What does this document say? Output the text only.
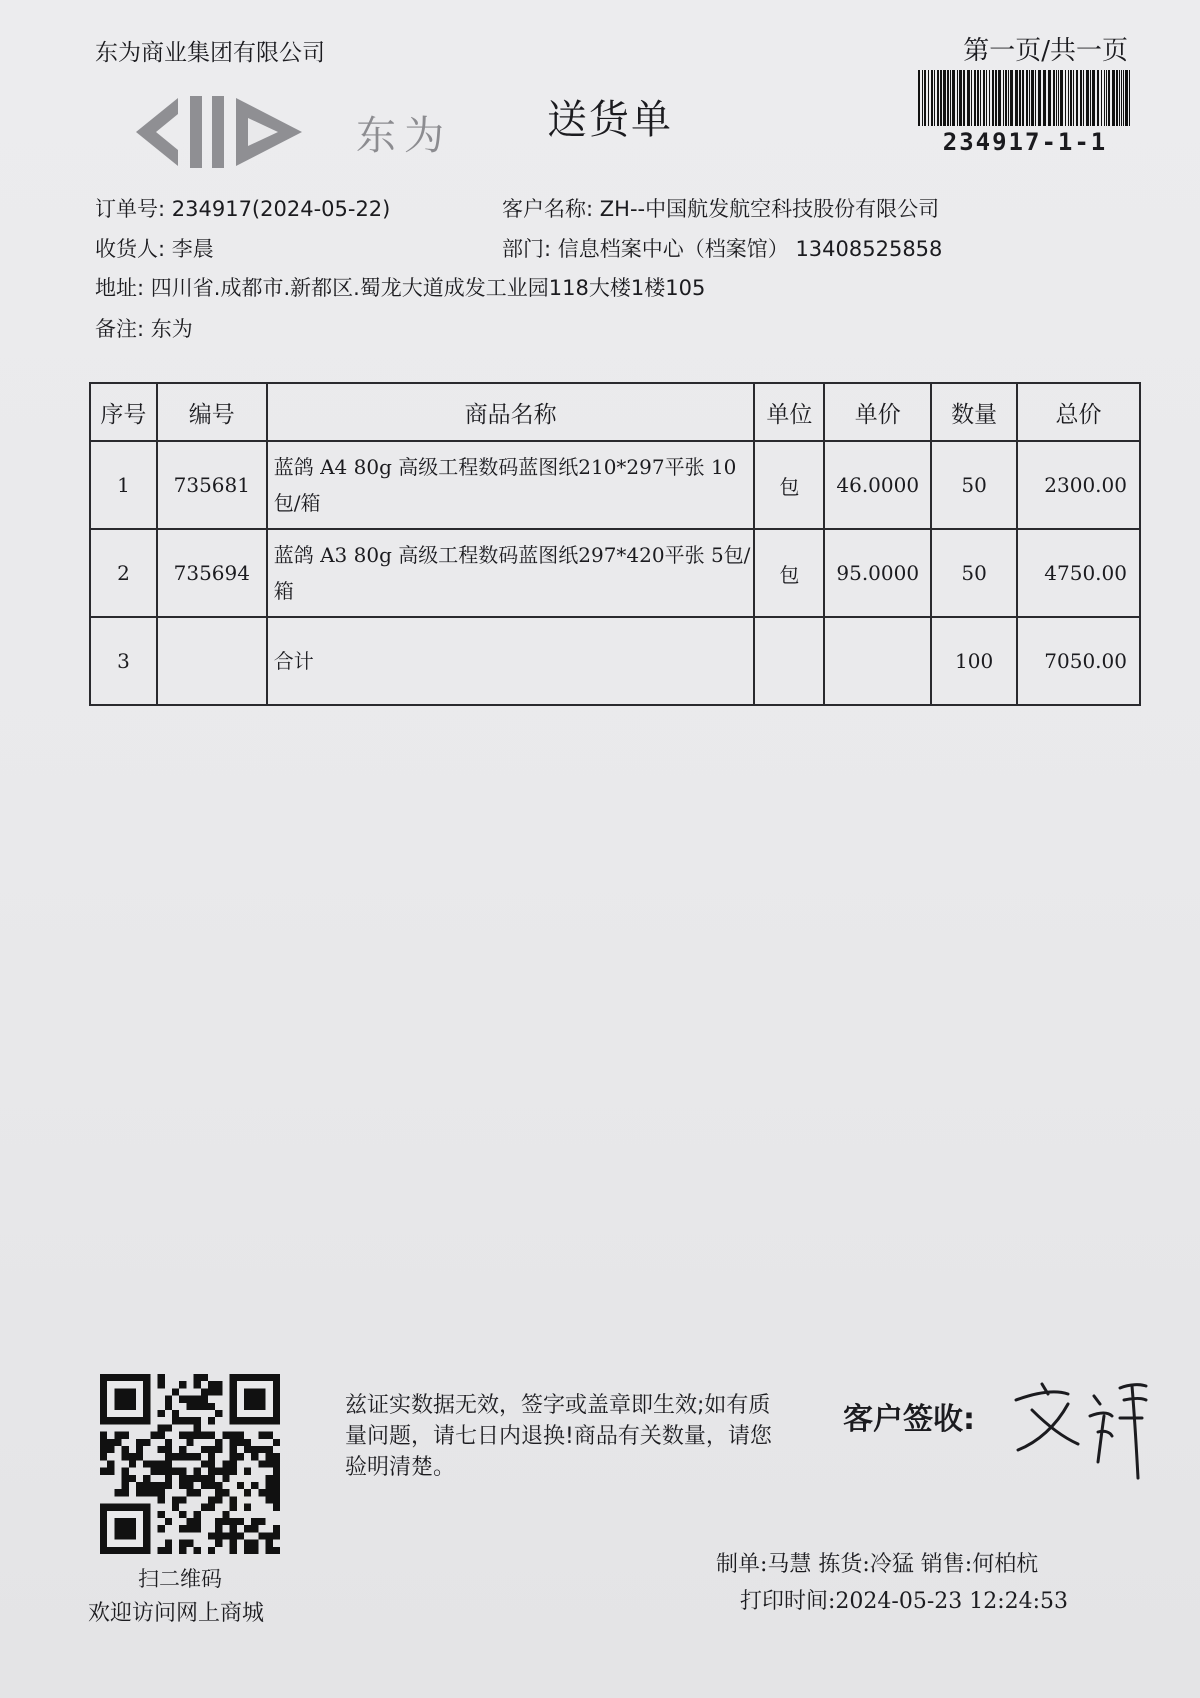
东为商业集团有限公司	第一页/共一页
234917-1-1
东为 送货单
订单号: 234917(2024-05-22)	客户名称: ZH--中国航发航空科技股份有限公司
收货人: 李晨	部门: 信息档案中心（档案馆） 13408525858
地址: 四川省.成都市.新都区.蜀龙大道成发工业园118大楼1楼105
备注: 东为
序号	编号	商品名称	单位	单价	数量	总价
1	735681	蓝鸽 A4 80g 高级工程数码蓝图纸210*297平张 10包/箱	包	46.0000	50	2300.00
2	735694	蓝鸽 A3 80g 高级工程数码蓝图纸297*420平张 5包/箱	包	95.0000	50	4750.00
3		合计			100	7050.00
扫二维码
欢迎访问网上商城
兹证实数据无效，签字或盖章即生效;如有质量问题，请七日内退换!商品有关数量，请您验明清楚。
客户签收:
制单:马慧 拣货:冷猛 销售:何柏杭
打印时间:2024-05-23 12:24:53
